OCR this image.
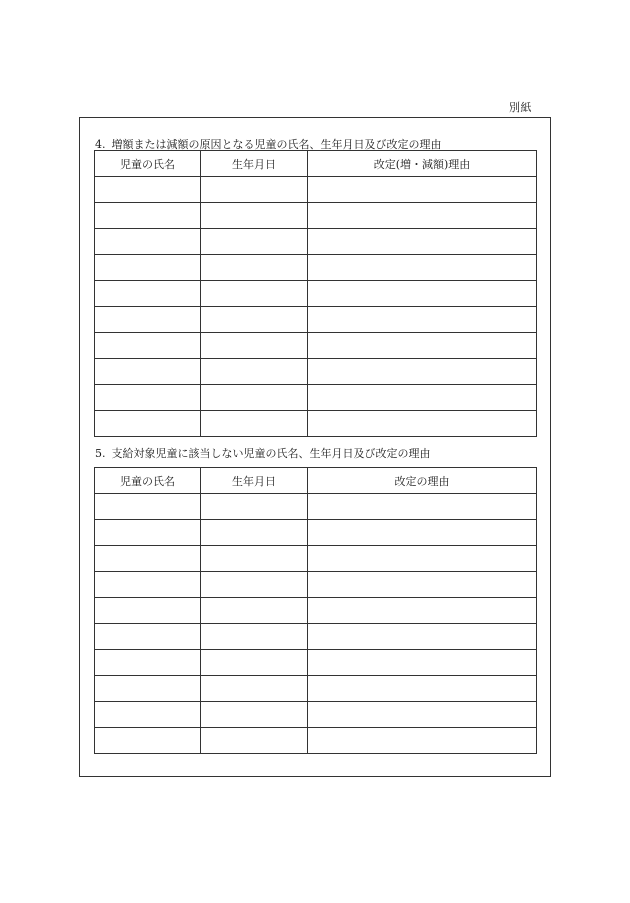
別紙
4. 増額または減額の原因となる児童の氏名、生年月日及び改定の理由
児童の氏名	生年月日	改定(増・減額)理由

5. 支給対象児童に該当しない児童の氏名、生年月日及び改定の理由
児童の氏名	生年月日	改定の理由
